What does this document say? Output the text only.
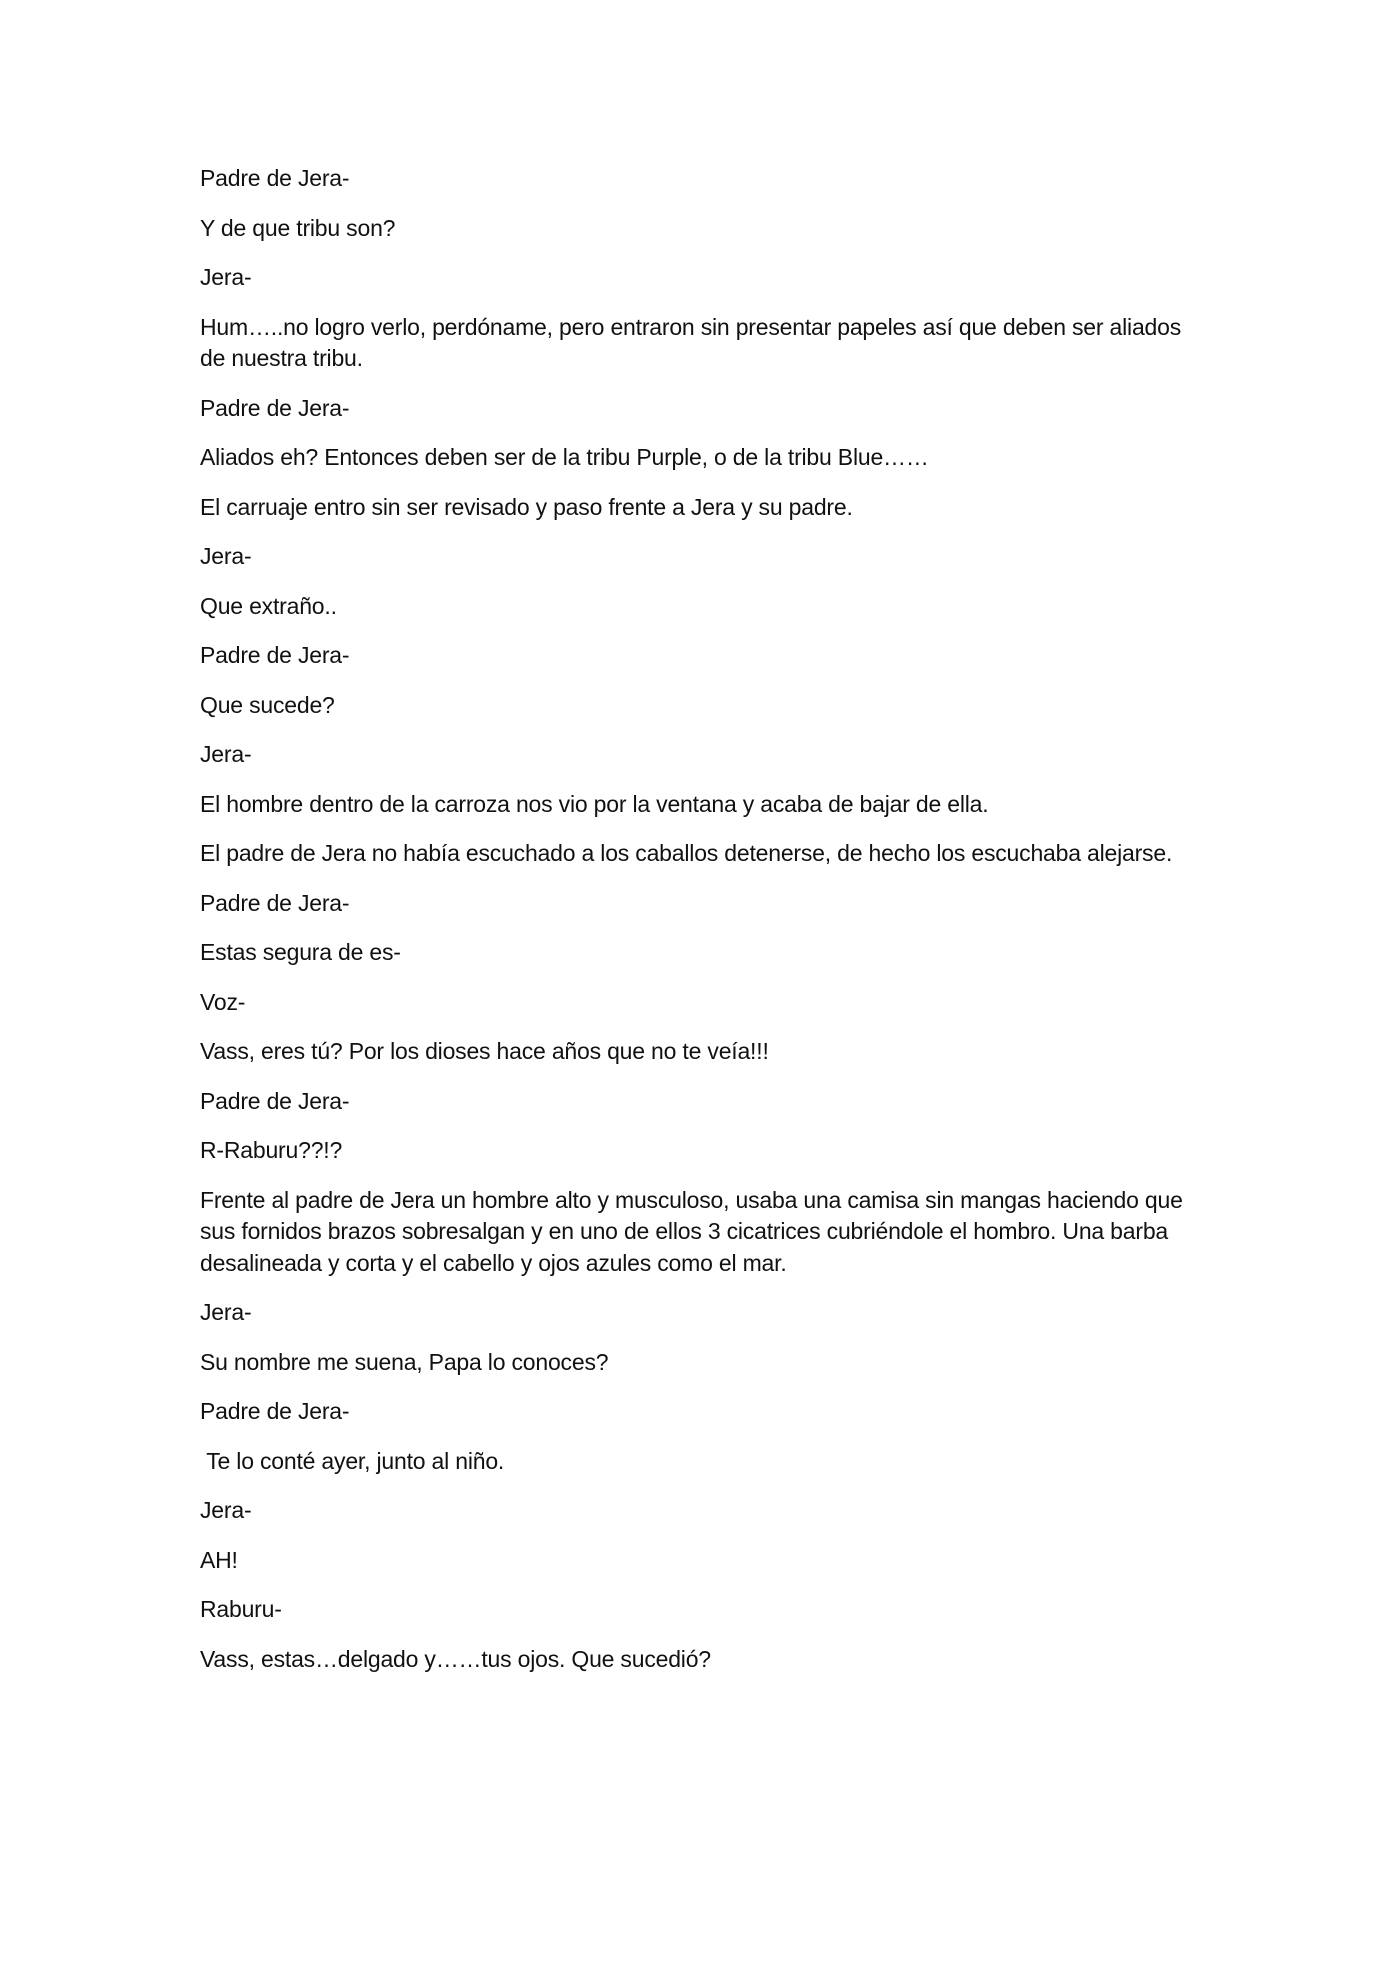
Padre de Jera-

Y de que tribu son?

Jera-

Hum…..no logro verlo, perdóname, pero entraron sin presentar papeles así que deben ser aliados de nuestra tribu.

Padre de Jera-

Aliados eh? Entonces deben ser de la tribu Purple, o de la tribu Blue……

El carruaje entro sin ser revisado y paso frente a Jera y su padre.

Jera-

Que extraño..

Padre de Jera-

Que sucede?

Jera-

El hombre dentro de la carroza nos vio por la ventana y acaba de bajar de ella.

El padre de Jera no había escuchado a los caballos detenerse, de hecho los escuchaba alejarse.

Padre de Jera-

Estas segura de es-

Voz-

Vass, eres tú? Por los dioses hace años que no te veía!!!

Padre de Jera-

R-Raburu??!?

Frente al padre de Jera un hombre alto y musculoso, usaba una camisa sin mangas haciendo que sus fornidos brazos sobresalgan y en uno de ellos 3 cicatrices cubriéndole el hombro. Una barba desalineada y corta y el cabello y ojos azules como el mar.

Jera-

Su nombre me suena, Papa lo conoces?

Padre de Jera-

Te lo conté ayer, junto al niño.

Jera-

AH!

Raburu-

Vass, estas…delgado y……tus ojos. Que sucedió?
